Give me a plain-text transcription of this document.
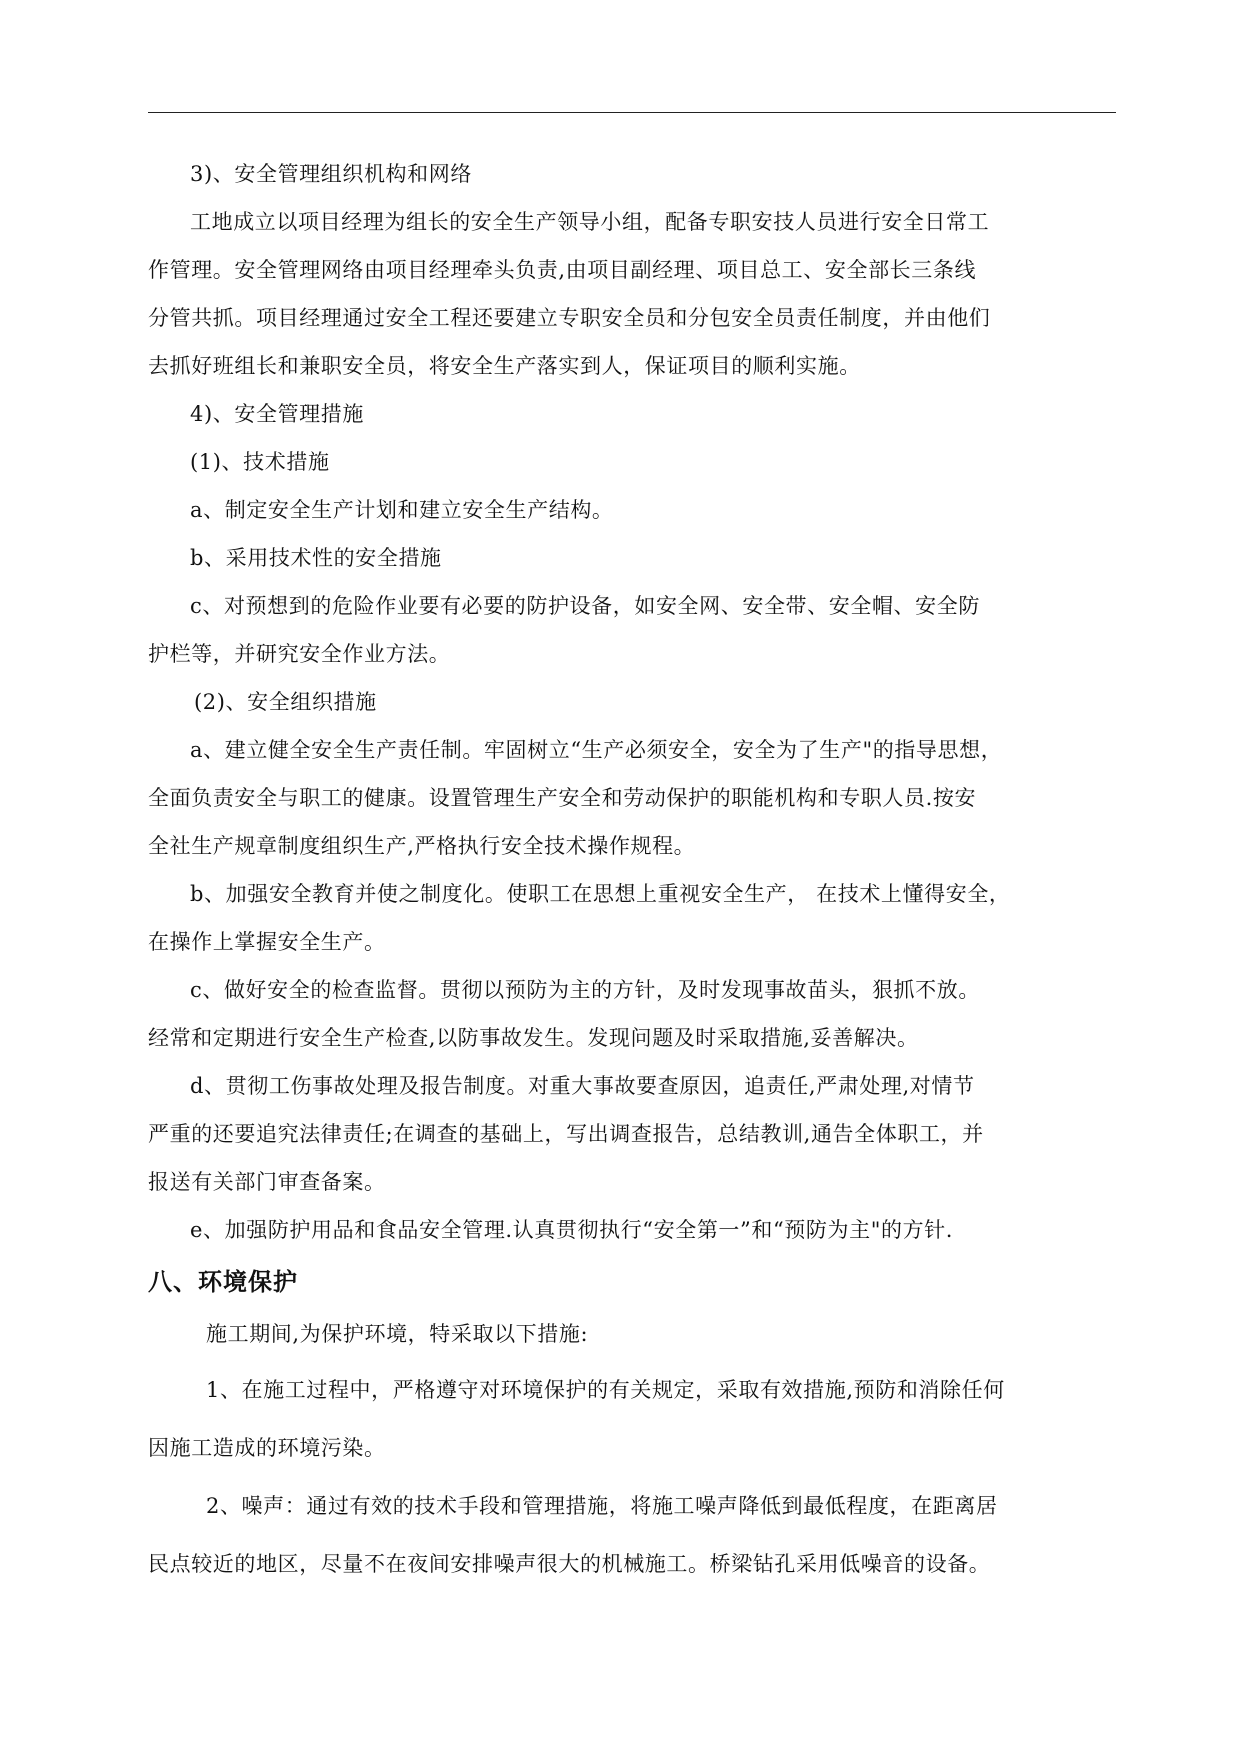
3)、安全管理组织机构和网络
工地成立以项目经理为组长的安全生产领导小组，配备专职安技人员进行安全日常工
作管理。安全管理网络由项目经理牵头负责,由项目副经理、项目总工、安全部长三条线
分管共抓。项目经理通过安全工程还要建立专职安全员和分包安全员责任制度，并由他们
去抓好班组长和兼职安全员，将安全生产落实到人，保证项目的顺利实施。
4)、安全管理措施
(1)、技术措施
a、制定安全生产计划和建立安全生产结构。
b、采用技术性的安全措施
c、对预想到的危险作业要有必要的防护设备，如安全网、安全带、安全帽、安全防
护栏等，并研究安全作业方法。
(2)、安全组织措施
a、建立健全安全生产责任制。牢固树立“生产必须安全，安全为了生产"的指导思想，
全面负责安全与职工的健康。设置管理生产安全和劳动保护的职能机构和专职人员.按安
全社生产规章制度组织生产,严格执行安全技术操作规程。
b、加强安全教育并使之制度化。使职工在思想上重视安全生产， 在技术上懂得安全，
在操作上掌握安全生产。
c、做好安全的检查监督。贯彻以预防为主的方针，及时发现事故苗头，狠抓不放。
经常和定期进行安全生产检查,以防事故发生。发现问题及时采取措施,妥善解决。
d、贯彻工伤事故处理及报告制度。对重大事故要查原因，追责任,严肃处理,对情节
严重的还要追究法律责任;在调查的基础上，写出调查报告，总结教训,通告全体职工，并
报送有关部门审查备案。
e、加强防护用品和食品安全管理.认真贯彻执行“安全第一”和“预防为主"的方针.
八、环境保护
施工期间,为保护环境，特采取以下措施:
1、在施工过程中，严格遵守对环境保护的有关规定，采取有效措施,预防和消除任何
因施工造成的环境污染。
2、噪声：通过有效的技术手段和管理措施，将施工噪声降低到最低程度，在距离居
民点较近的地区，尽量不在夜间安排噪声很大的机械施工。桥梁钻孔采用低噪音的设备。
